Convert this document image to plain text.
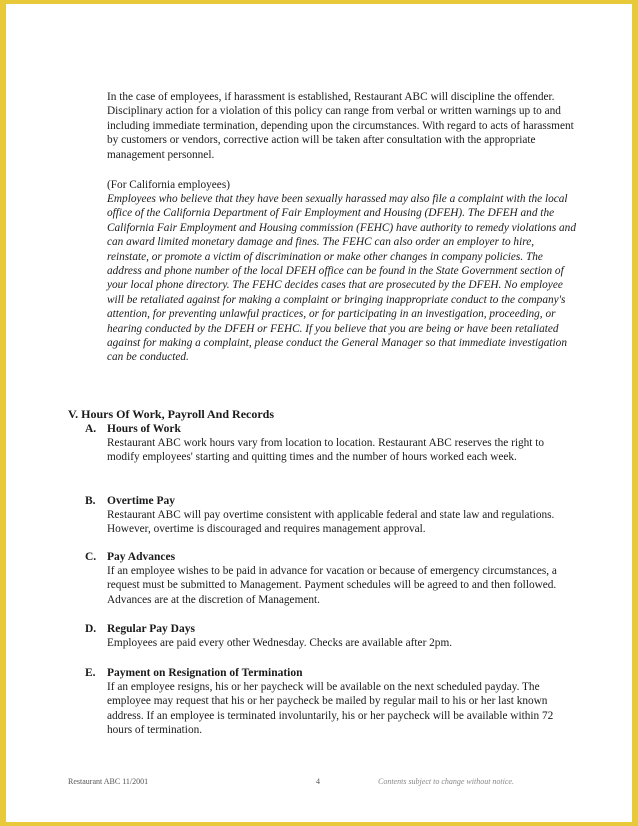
In the case of employees, if harassment is established, Restaurant ABC will discipline the offender. Disciplinary action for a violation of this policy can range from verbal or written warnings up to and including immediate termination, depending upon the circumstances. With regard to acts of harassment by customers or vendors, corrective action will be taken after consultation with the appropriate management personnel.

(For California employees)

Employees who believe that they have been sexually harassed may also file a complaint with the local office of the California Department of Fair Employment and Housing (DFEH). The DFEH and the California Fair Employment and Housing commission (FEHC) have authority to remedy violations and can award limited monetary damage and fines. The FEHC can also order an employer to hire, reinstate, or promote a victim of discrimination or make other changes in company policies. The address and phone number of the local DFEH office can be found in the State Government section of your local phone directory. The FEHC decides cases that are prosecuted by the DFEH. No employee will be retaliated against for making a complaint or bringing inappropriate conduct to the company's attention, for preventing unlawful practices, or for participating in an investigation, proceeding, or hearing conducted by the DFEH or FEHC. If you believe that you are being or have been retaliated against for making a complaint, please conduct the General Manager so that immediate investigation can be conducted.

V. Hours Of Work, Payroll And Records

A. Hours of Work

Restaurant ABC work hours vary from location to location. Restaurant ABC reserves the right to modify employees' starting and quitting times and the number of hours worked each week.

B. Overtime Pay

Restaurant ABC will pay overtime consistent with applicable federal and state law and regulations. However, overtime is discouraged and requires management approval.

C. Pay Advances

If an employee wishes to be paid in advance for vacation or because of emergency circumstances, a request must be submitted to Management. Payment schedules will be agreed to and then followed. Advances are at the discretion of Management.

D. Regular Pay Days

Employees are paid every other Wednesday. Checks are available after 2pm.

E. Payment on Resignation of Termination

If an employee resigns, his or her paycheck will be available on the next scheduled payday. The employee may request that his or her paycheck be mailed by regular mail to his or her last known address. If an employee is terminated involuntarily, his or her paycheck will be available within 72 hours of termination.

Restaurant ABC 11/2001	4	Contents subject to change without notice.
